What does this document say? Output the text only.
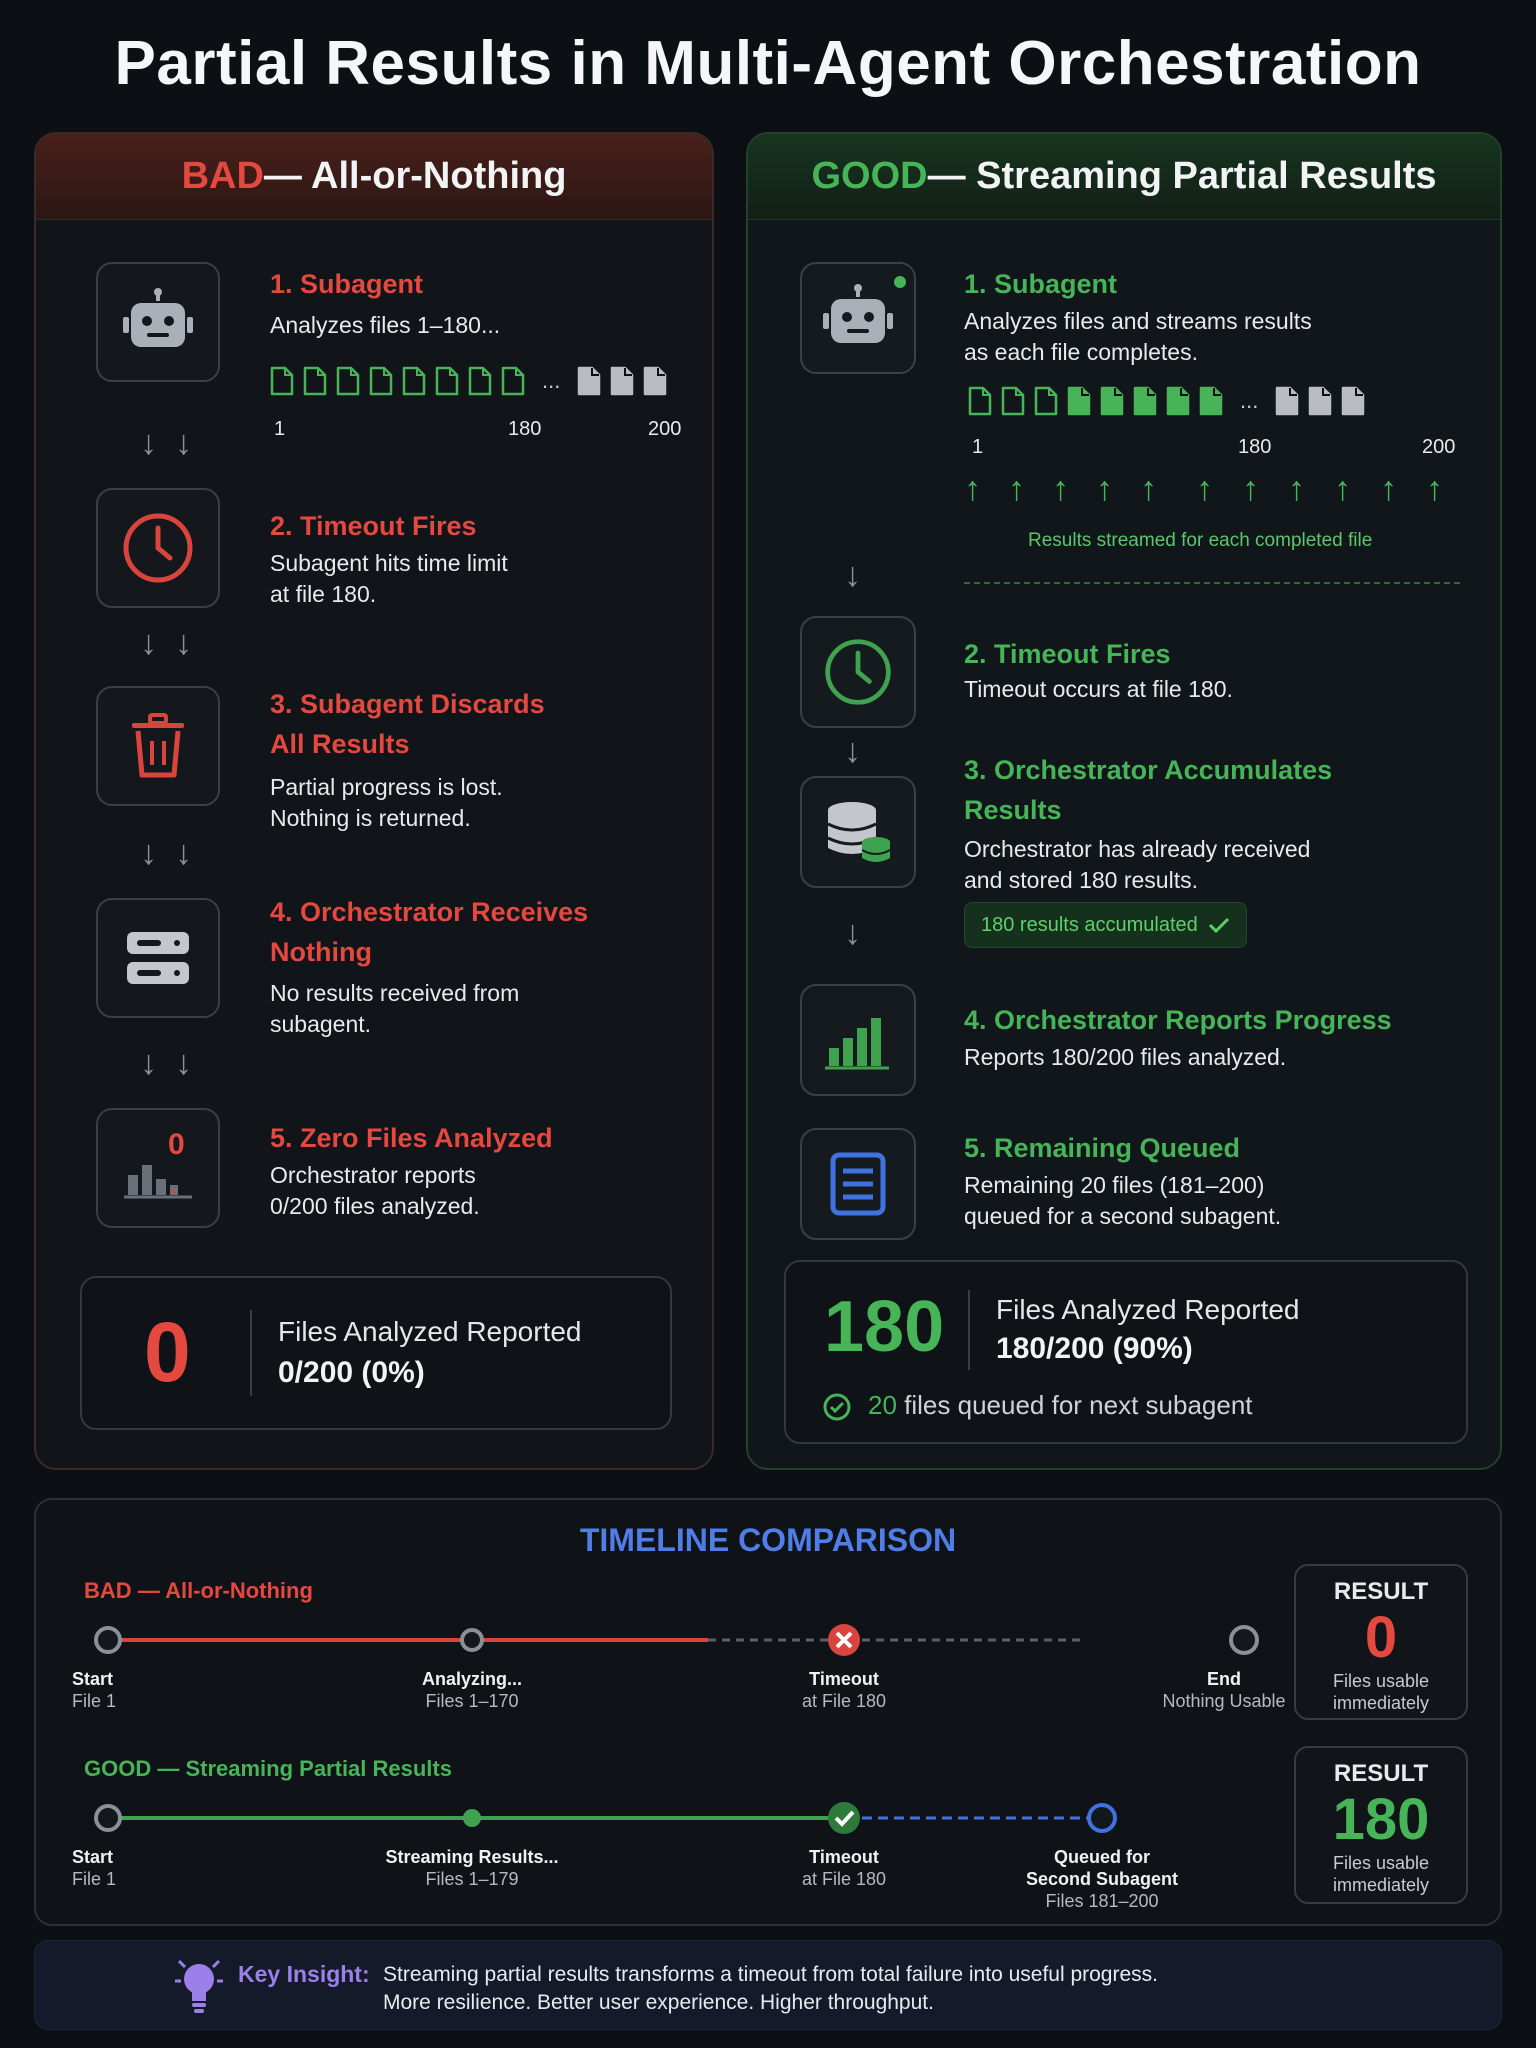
Partial Results in Multi-Agent Orchestration
BAD — All-or-Nothing
1. Subagent
Analyzes files 1–180...
...
1	180	200
↓↓
2. Timeout Fires
Subagent hits time limit
at file 180.
↓↓
3. Subagent Discards
All Results
Partial progress is lost.
Nothing is returned.
↓↓
4. Orchestrator Receives
Nothing
No results received from
subagent.
↓↓
0	5. Zero Files Analyzed
Orchestrator reports
0/200 files analyzed.
0	Files Analyzed Reported
0/200 (0%)
GOOD — Streaming Partial Results
1. Subagent
Analyzes files and streams results
as each file completes.
...
1	180	200
↑ ↑ ↑ ↑ ↑ ↑ ↑ ↑ ↑ ↑ ↑
Results streamed for each completed file
↓
2. Timeout Fires
Timeout occurs at file 180.
↓	3. Orchestrator Accumulates
Results
Orchestrator has already received
and stored 180 results.
180 results accumulated
↓
4. Orchestrator Reports Progress
Reports 180/200 files analyzed.
5. Remaining Queued
Remaining 20 files (181–200)
queued for a second subagent.
180 Files Analyzed Reported
180/200 (90%)
20 files queued for next subagent
TIMELINE COMPARISON
BAD — All-or-Nothing
Start
File 1
Analyzing...
Files 1–170
Timeout
at File 180
End
Nothing Usable
RESULT
0
Files usable
immediately
GOOD — Streaming Partial Results
Start
File 1
Streaming Results...
Files 1–179
Timeout
at File 180
Queued for
Second Subagent
Files 181–200
RESULT
180
Files usable
immediately
Key Insight: Streaming partial results transforms a timeout from total failure into useful progress.
More resilience. Better user experience. Higher throughput.
